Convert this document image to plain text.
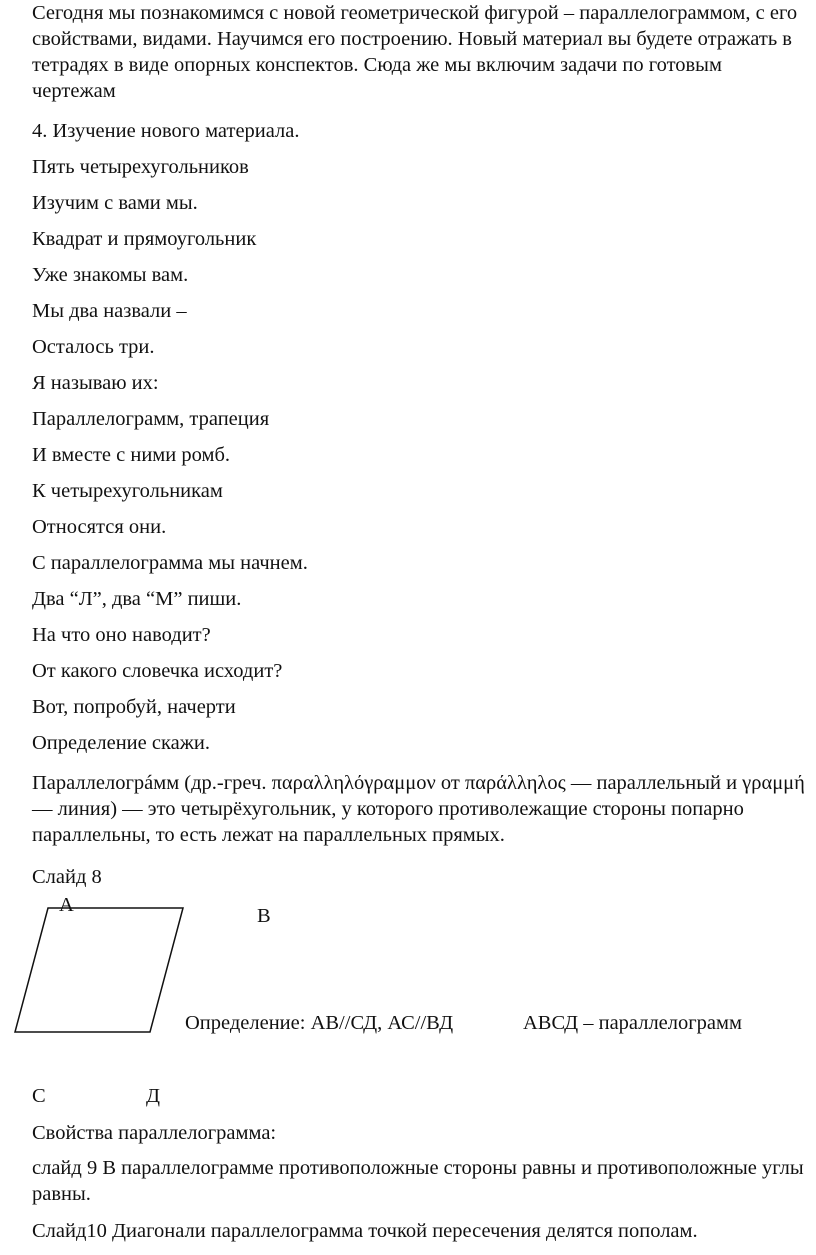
Сегодня мы познакомимся с новой геометрической фигурой – параллелограммом, с его свойствами, видами. Научимся его построению. Новый материал вы будете отражать в тетрадях в виде опорных конспектов. Сюда же мы включим задачи по готовым чертежам

4. Изучение нового материала.
Пять четырехугольников
Изучим с вами мы.
Квадрат и прямоугольник
Уже знакомы вам.
Мы два назвали –
Осталось три.
Я называю их:
Параллелограмм, трапеция
И вместе с ними ромб.
К четырехугольникам
Относятся они.
С параллелограмма мы начнем.
Два “Л”, два “М” пиши.
На что оно наводит?
От какого словечка исходит?
Вот, попробуй, начерти
Определение скажи.

Параллелогрáмм (др.-греч. παραλληλόγραμμον от παράλληλος — параллельный и γραμμή — линия) — это четырёхугольник, у которого противолежащие стороны попарно параллельны, то есть лежат на параллельных прямых.

Слайд 8
А	В
Определение: АВ//СД, АС//ВД	АВСД – параллелограмм
С	Д
Свойства параллелограмма:

слайд 9 В параллелограмме противоположные стороны равны и противоположные углы равны.

Слайд10 Диагонали параллелограмма точкой пересечения делятся пополам.
